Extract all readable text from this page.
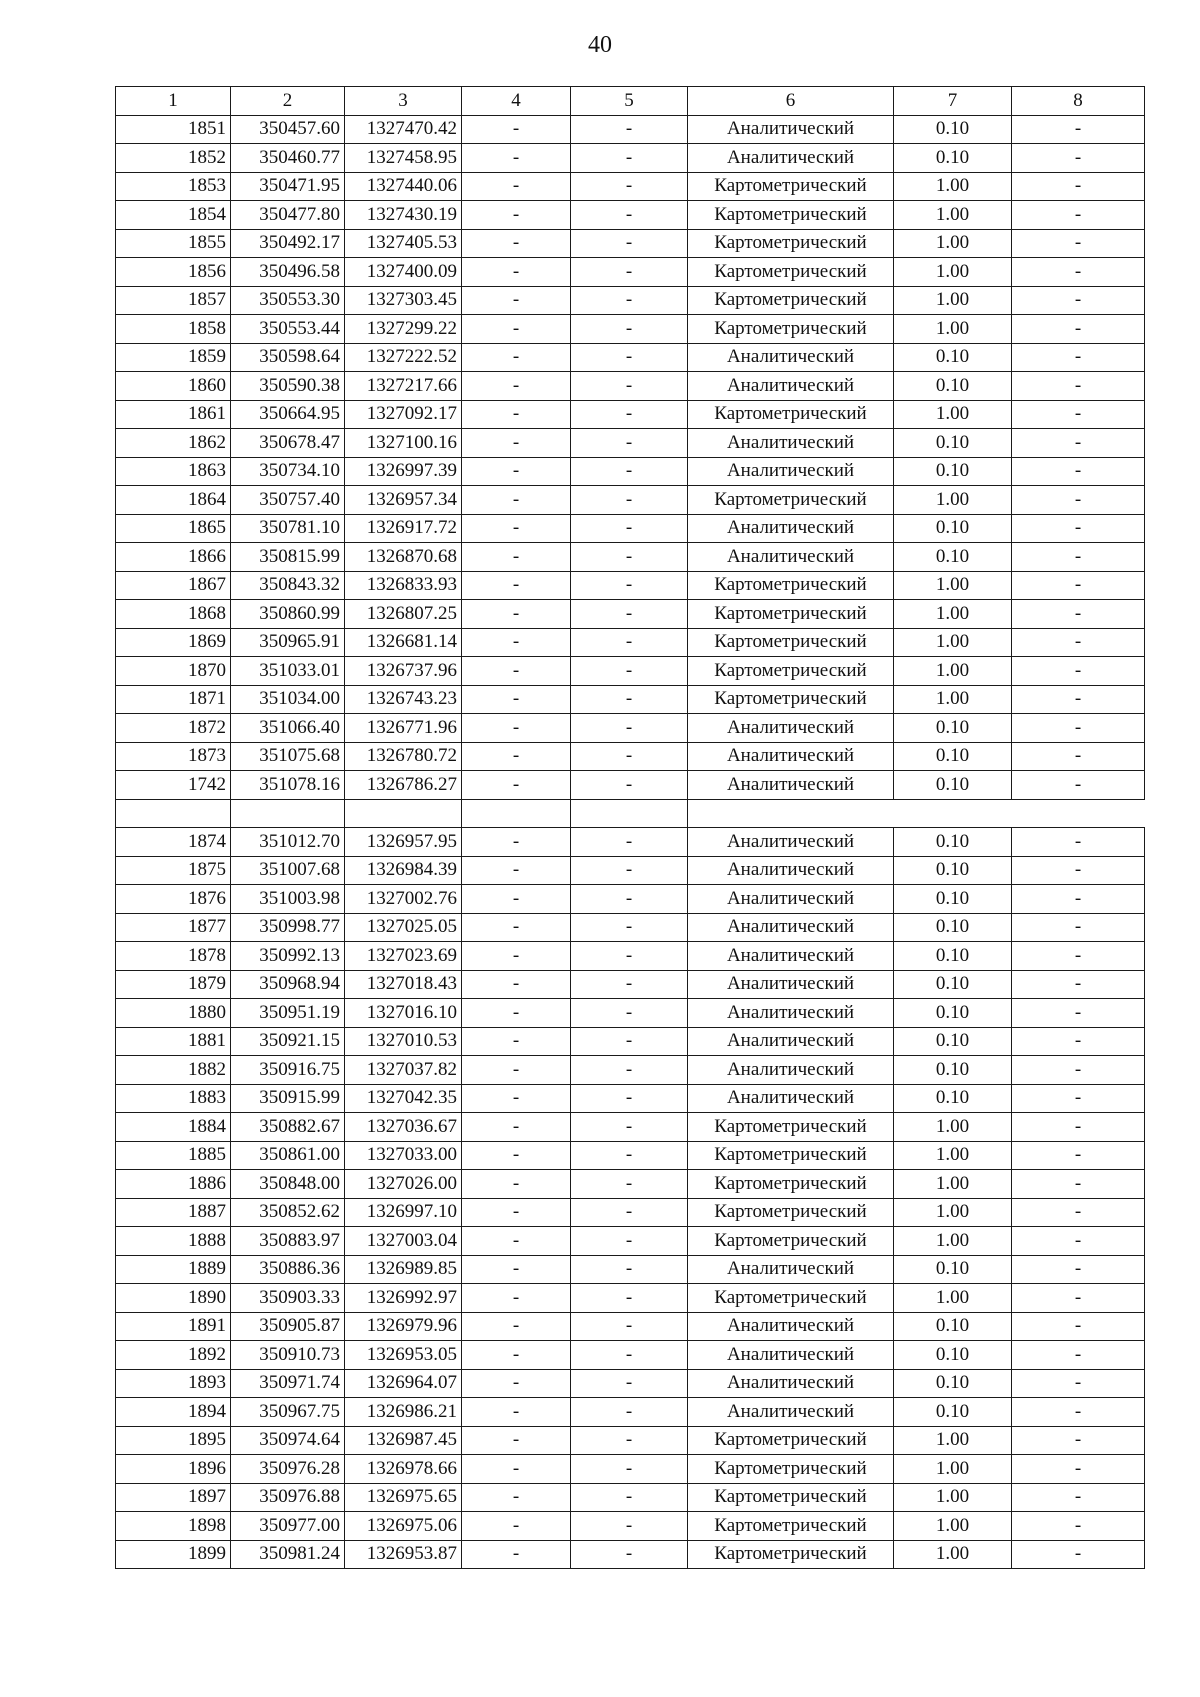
40
1	2	3	4	5	6	7	8
1851	350457.60	1327470.42	-	-	Аналитический	0.10	-
1852	350460.77	1327458.95	-	-	Аналитический	0.10	-
1853	350471.95	1327440.06	-	-	Картометрический	1.00	-
1854	350477.80	1327430.19	-	-	Картометрический	1.00	-
1855	350492.17	1327405.53	-	-	Картометрический	1.00	-
1856	350496.58	1327400.09	-	-	Картометрический	1.00	-
1857	350553.30	1327303.45	-	-	Картометрический	1.00	-
1858	350553.44	1327299.22	-	-	Картометрический	1.00	-
1859	350598.64	1327222.52	-	-	Аналитический	0.10	-
1860	350590.38	1327217.66	-	-	Аналитический	0.10	-
1861	350664.95	1327092.17	-	-	Картометрический	1.00	-
1862	350678.47	1327100.16	-	-	Аналитический	0.10	-
1863	350734.10	1326997.39	-	-	Аналитический	0.10	-
1864	350757.40	1326957.34	-	-	Картометрический	1.00	-
1865	350781.10	1326917.72	-	-	Аналитический	0.10	-
1866	350815.99	1326870.68	-	-	Аналитический	0.10	-
1867	350843.32	1326833.93	-	-	Картометрический	1.00	-
1868	350860.99	1326807.25	-	-	Картометрический	1.00	-
1869	350965.91	1326681.14	-	-	Картометрический	1.00	-
1870	351033.01	1326737.96	-	-	Картометрический	1.00	-
1871	351034.00	1326743.23	-	-	Картометрический	1.00	-
1872	351066.40	1326771.96	-	-	Аналитический	0.10	-
1873	351075.68	1326780.72	-	-	Аналитический	0.10	-
1742	351078.16	1326786.27	-	-	Аналитический	0.10	-

1874	351012.70	1326957.95	-	-	Аналитический	0.10	-
1875	351007.68	1326984.39	-	-	Аналитический	0.10	-
1876	351003.98	1327002.76	-	-	Аналитический	0.10	-
1877	350998.77	1327025.05	-	-	Аналитический	0.10	-
1878	350992.13	1327023.69	-	-	Аналитический	0.10	-
1879	350968.94	1327018.43	-	-	Аналитический	0.10	-
1880	350951.19	1327016.10	-	-	Аналитический	0.10	-
1881	350921.15	1327010.53	-	-	Аналитический	0.10	-
1882	350916.75	1327037.82	-	-	Аналитический	0.10	-
1883	350915.99	1327042.35	-	-	Аналитический	0.10	-
1884	350882.67	1327036.67	-	-	Картометрический	1.00	-
1885	350861.00	1327033.00	-	-	Картометрический	1.00	-
1886	350848.00	1327026.00	-	-	Картометрический	1.00	-
1887	350852.62	1326997.10	-	-	Картометрический	1.00	-
1888	350883.97	1327003.04	-	-	Картометрический	1.00	-
1889	350886.36	1326989.85	-	-	Аналитический	0.10	-
1890	350903.33	1326992.97	-	-	Картометрический	1.00	-
1891	350905.87	1326979.96	-	-	Аналитический	0.10	-
1892	350910.73	1326953.05	-	-	Аналитический	0.10	-
1893	350971.74	1326964.07	-	-	Аналитический	0.10	-
1894	350967.75	1326986.21	-	-	Аналитический	0.10	-
1895	350974.64	1326987.45	-	-	Картометрический	1.00	-
1896	350976.28	1326978.66	-	-	Картометрический	1.00	-
1897	350976.88	1326975.65	-	-	Картометрический	1.00	-
1898	350977.00	1326975.06	-	-	Картометрический	1.00	-
1899	350981.24	1326953.87	-	-	Картометрический	1.00	-
